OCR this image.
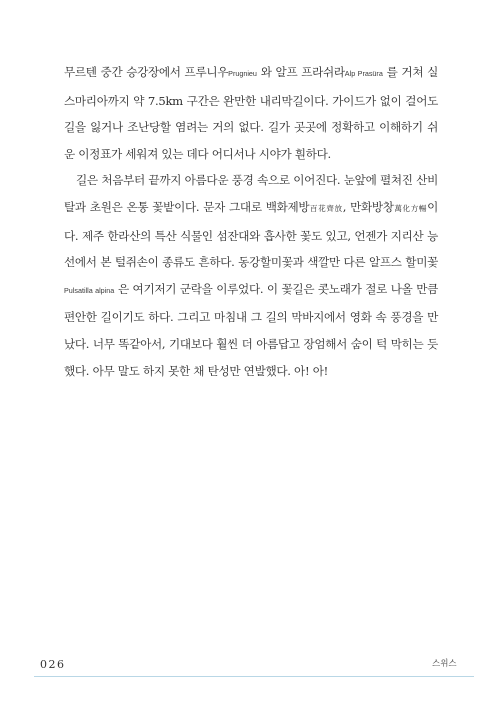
무르텐 중간 승강장에서 프루니우Prugnieu 와 알프 프라쉬라Alp Prasüra 를 거쳐 실스마리아까지 약 7.5km 구간은 완만한 내리막길이다. 가이드가 없이 걸어도 길을 잃거나 조난당할 염려는 거의 없다. 길가 곳곳에 정확하고 이해하기 쉬운 이정표가 세워져 있는 데다 어디서나 시야가 훤하다.

길은 처음부터 끝까지 아름다운 풍경 속으로 이어진다. 눈앞에 펼쳐진 산비탈과 초원은 온통 꽃밭이다. 문자 그대로 백화제방百花齊放, 만화방창萬化方暢이다. 제주 한라산의 특산 식물인 섬잔대와 흡사한 꽃도 있고, 언젠가 지리산 능선에서 본 털쥐손이 종류도 흔하다. 동강할미꽃과 색깔만 다른 알프스 할미꽃Pulsatilla alpina 은 여기저기 군락을 이루었다. 이 꽃길은 콧노래가 절로 나올 만큼 편안한 길이기도 하다. 그리고 마침내 그 길의 막바지에서 영화 속 풍경을 만났다. 너무 똑같아서, 기대보다 훨씬 더 아름답고 장엄해서 숨이 턱 막히는 듯했다. 아무 말도 하지 못한 채 탄성만 연발했다. 아! 아!

026	스위스
